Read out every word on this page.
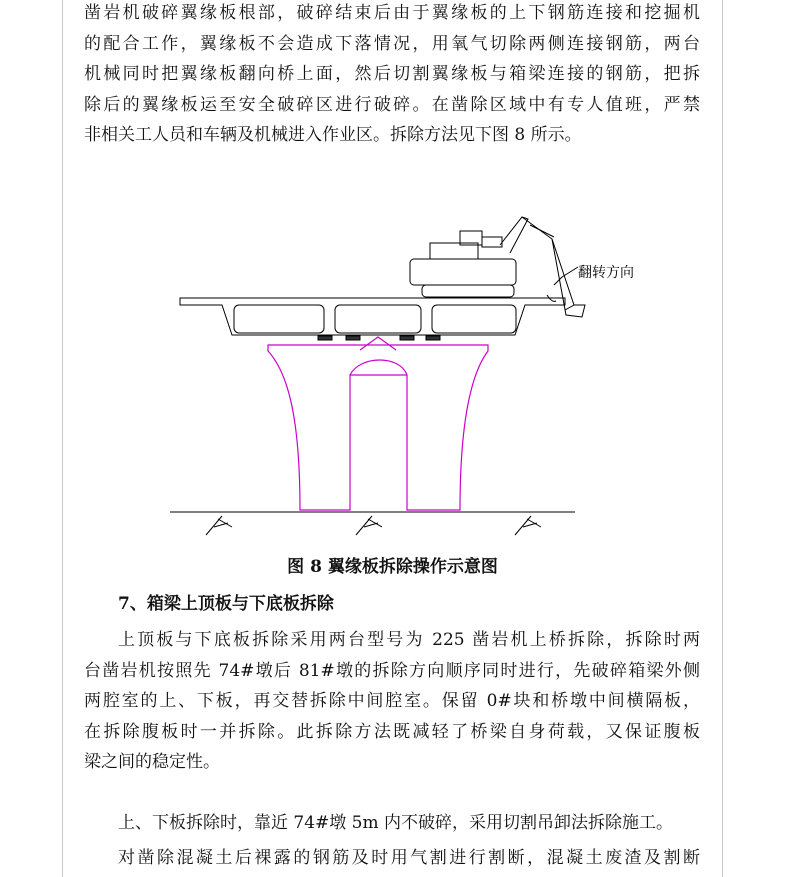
凿岩机破碎翼缘板根部，破碎结束后由于翼缘板的上下钢筋连接和挖掘机
的配合工作，翼缘板不会造成下落情况，用氧气切除两侧连接钢筋，两台
机械同时把翼缘板翻向桥上面，然后切割翼缘板与箱梁连接的钢筋，把拆
除后的翼缘板运至安全破碎区进行破碎。在凿除区域中有专人值班，严禁
非相关工人员和车辆及机械进入作业区。拆除方法见下图 8 所示。
翻转方向
图 8 翼缘板拆除操作示意图
7、箱梁上顶板与下底板拆除
上顶板与下底板拆除采用两台型号为 225 凿岩机上桥拆除，拆除时两
台凿岩机按照先 74#墩后 81#墩的拆除方向顺序同时进行，先破碎箱梁外侧
两腔室的上、下板，再交替拆除中间腔室。保留 0#块和桥墩中间横隔板，
在拆除腹板时一并拆除。此拆除方法既减轻了桥梁自身荷载，又保证腹板
梁之间的稳定性。
上、下板拆除时，靠近 74#墩 5m 内不破碎，采用切割吊卸法拆除施工。
对凿除混凝土后裸露的钢筋及时用气割进行割断，混凝土废渣及割断
